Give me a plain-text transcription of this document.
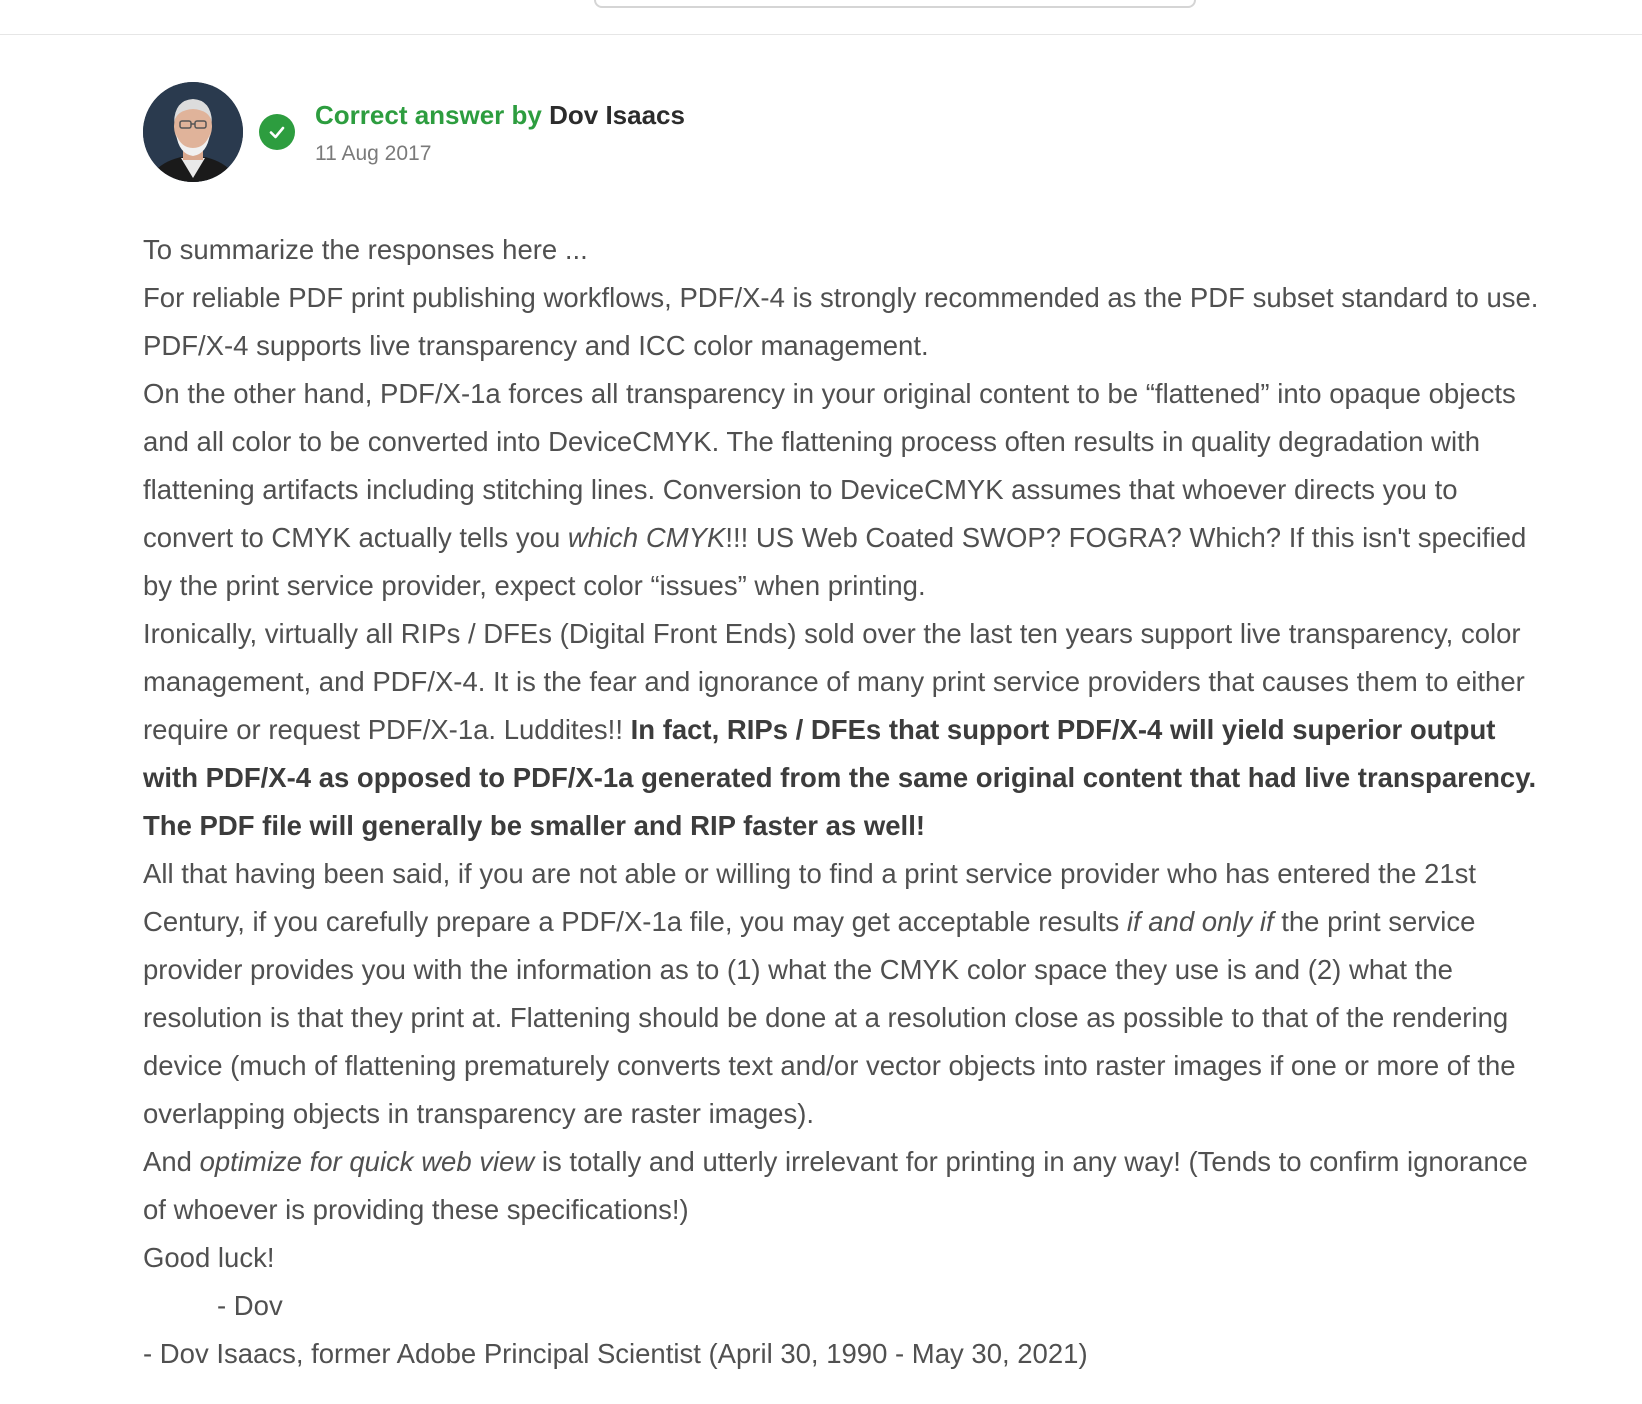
Correct answer by Dov Isaacs
11 Aug 2017

To summarize the responses here ...

For reliable PDF print publishing workflows, PDF/X-4 is strongly recommended as the PDF subset standard to use. PDF/X-4 supports live transparency and ICC color management.

On the other hand, PDF/X-1a forces all transparency in your original content to be “flattened” into opaque objects and all color to be converted into DeviceCMYK. The flattening process often results in quality degradation with flattening artifacts including stitching lines. Conversion to DeviceCMYK assumes that whoever directs you to convert to CMYK actually tells you which CMYK!!! US Web Coated SWOP? FOGRA? Which? If this isn't specified by the print service provider, expect color “issues” when printing.

Ironically, virtually all RIPs / DFEs (Digital Front Ends) sold over the last ten years support live transparency, color management, and PDF/X-4. It is the fear and ignorance of many print service providers that causes them to either require or request PDF/X-1a. Luddites!! In fact, RIPs / DFEs that support PDF/X-4 will yield superior output with PDF/X-4 as opposed to PDF/X-1a generated from the same original content that had live transparency. The PDF file will generally be smaller and RIP faster as well!

All that having been said, if you are not able or willing to find a print service provider who has entered the 21st Century, if you carefully prepare a PDF/X-1a file, you may get acceptable results if and only if the print service provider provides you with the information as to (1) what the CMYK color space they use is and (2) what the resolution is that they print at. Flattening should be done at a resolution close as possible to that of the rendering device (much of flattening prematurely converts text and/or vector objects into raster images if one or more of the overlapping objects in transparency are raster images).

And optimize for quick web view is totally and utterly irrelevant for printing in any way! (Tends to confirm ignorance of whoever is providing these specifications!)

Good luck!

- Dov

- Dov Isaacs, former Adobe Principal Scientist (April 30, 1990 - May 30, 2021)
